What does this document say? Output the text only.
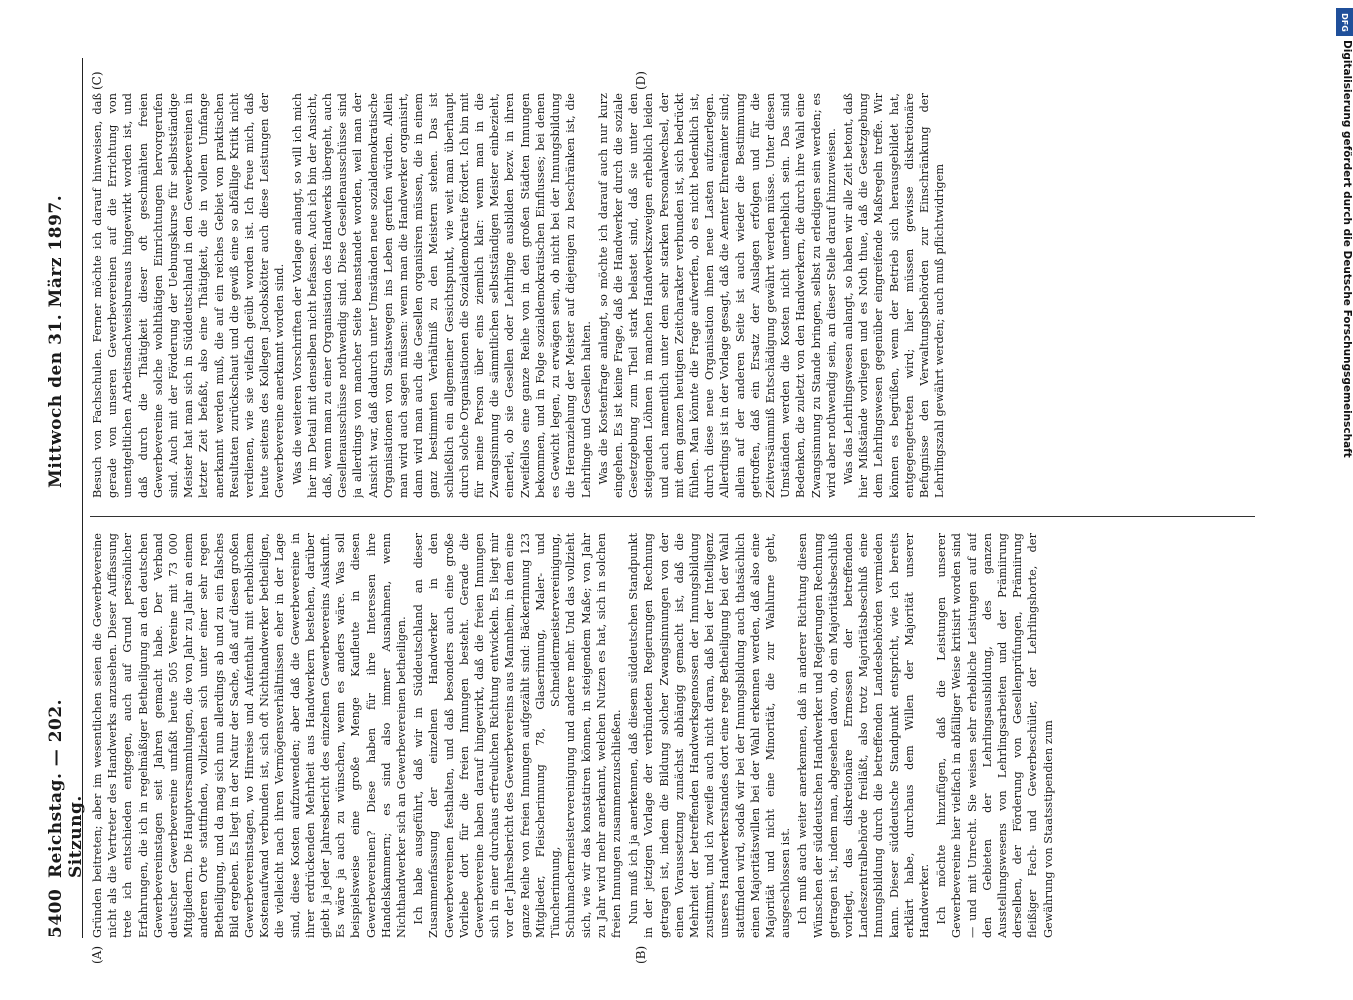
5400
Reichstag. — 202. Sitzung.
Mittwoch den 31. März 1897.
(A)	(B)
(C)	(D)

Gründen beitreten; aber im wesentlichen seien die Gewerbevereine nicht als die Vertreter des Handwerks anzusehen. Dieser Auffassung trete ich entschieden entgegen, auch auf Grund persönlicher Erfahrungen, die ich in regelmäßiger Betheiligung an den deutschen Gewerbevereinstagen seit Jahren gemacht habe. Der Verband deutscher Gewerbevereine umfaßt heute 505 Vereine mit 73 000 Mitgliedern. Die Hauptversammlungen, die von Jahr zu Jahr an einem anderen Orte stattfinden, vollziehen sich unter einer sehr regen Betheiligung, und da mag sich nun allerdings ab und zu ein falsches Bild ergeben. Es liegt in der Natur der Sache, daß auf diesen großen Gewerbevereinstagen, wo Hinreise und Aufenthalt mit erheblichem Kostenaufwand verbunden ist, sich oft Nichthandwerker betheiligen, die vielleicht nach ihren Vermögensverhältnissen eher in der Lage sind, diese Kosten aufzuwenden; aber daß die Gewerbevereine in ihrer erdrückenden Mehrheit aus Handwerkern bestehen, darüber giebt ja jeder Jahresbericht des einzelnen Gewerbevereins Auskunft. Es wäre ja auch zu wünschen, wenn es anders wäre. Was soll beispielsweise eine große Menge Kaufleute in diesen Gewerbevereinen? Diese haben für ihre Interessen ihre Handelskammern; es sind also immer Ausnahmen, wenn Nichthandwerker sich an Gewerbevereinen betheiligen. Ich habe ausgeführt, daß wir in Süddeutschland an dieser Zusammenfassung der einzelnen Handwerker in den Gewerbevereinen festhalten, und daß besonders auch eine große Vorliebe dort für die freien Innungen besteht. Gerade die Gewerbevereine haben darauf hingewirkt, daß die freien Innungen sich in einer durchaus erfreulichen Richtung entwickeln. Es liegt mir vor der Jahresbericht des Gewerbevereins aus Mannheim, in dem eine ganze Reihe von freien Innungen aufgezählt sind: Bäckerinnung 123 Mitglieder, Fleischerinnung 78, Glaserinnung, Maler- und Tüncherinnung, Schneidermeistervereinigung, Schuhmachermeistervereinigung und andere mehr. Und das vollzieht sich, wie wir das konstatiren können, in steigendem Maße; von Jahr zu Jahr wird mehr anerkannt, welchen Nutzen es hat, sich in solchen freien Innungen zusammenzuschließen. Nun muß ich ja anerkennen, daß diesem süddeutschen Standpunkt in der jetzigen Vorlage der verbündeten Regierungen Rechnung getragen ist, indem die Bildung solcher Zwangsinnungen von der einen Voraussetzung zunächst abhängig gemacht ist, daß die Mehrheit der betreffenden Handwerksgenossen der Innungsbildung zustimmt, und ich zweifle auch nicht daran, daß bei der Intelligenz unseres Handwerkerstandes dort eine rege Betheiligung bei der Wahl stattfinden wird, sodaß wir bei der Innungsbildung auch thatsächlich einen Majoritätswillen bei der Wahl erkennen werden, daß also eine Majorität und nicht eine Minorität, die zur Wahlurne geht, ausgeschlossen ist. Ich muß auch weiter anerkennen, daß in anderer Richtung diesen Wünschen der süddeutschen Handwerker und Regierungen Rechnung getragen ist, indem man, abgesehen davon, ob ein Majoritätsbeschluß vorliegt, das diskretionäre Ermessen der betreffenden Landeszentralbehörde freiläßt, also trotz Majoritätsbeschluß eine Innungsbildung durch die betreffenden Landesbehörden vermieden kann. Dieser süddeutsche Standpunkt entspricht, wie ich bereits erklärt habe, durchaus dem Willen der Majorität unserer Handwerker. Ich möchte hinzufügen, daß die Leistungen unserer Gewerbevereine hier vielfach in abfälliger Weise kritisirt worden sind — und mit Unrecht. Sie weisen sehr erhebliche Leistungen auf auf den Gebieten der Lehrlingsausbildung, des ganzen Ausstellungswesens von Lehrlingsarbeiten und der Prämiirung derselben, der Förderung von Gesellenprüfungen, Prämiirung fleißiger Fach- und Gewerbeschüler, der Lehrlingshorte, der Gewährung von Staatsstipendien zum

Besuch von Fachschulen. Ferner möchte ich darauf hinweisen, daß gerade von unseren Gewerbevereinen auf die Errichtung von unentgeltlichen Arbeitsnachweisbureaus hingewirkt worden ist, und daß durch die Thätigkeit dieser oft geschmähten freien Gewerbevereine solche wohlthätigen Einrichtungen hervorgerufen sind. Auch mit der Förderung der Uebungskurse für selbstständige Meister hat man sich in Süddeutschland in den Gewerbevereinen in letzter Zeit befaßt, also eine Thätigkeit, die in vollem Umfange anerkannt werden muß, die auf ein reiches Gebiet von praktischen Resultaten zurückschaut und die gewiß eine so abfällige Kritik nicht verdienen, wie sie vielfach geübt worden ist. Ich freue mich, daß heute seitens des Kollegen Jacobskötter auch diese Leistungen der Gewerbevereine anerkannt worden sind. Was die weiteren Vorschriften der Vorlage anlangt, so will ich mich hier im Detail mit denselben nicht befassen. Auch ich bin der Ansicht, daß, wenn man zu einer Organisation des Handwerks übergeht, auch Gesellenausschüsse nothwendig sind. Diese Gesellenausschüsse sind ja allerdings von mancher Seite beanstandet worden, weil man der Ansicht war, daß dadurch unter Umständen neue sozialdemokratische Organisationen von Staatswegen ins Leben gerufen würden. Allein man wird auch sagen müssen: wenn man die Handwerker organisirt, dann wird man auch die Gesellen organisiren müssen, die in einem ganz bestimmten Verhältniß zu den Meistern stehen. Das ist schließlich ein allgemeiner Gesichtspunkt, wie weit man überhaupt durch solche Organisationen die Sozialdemokratie fördert. Ich bin mit für meine Person über eins ziemlich klar: wenn man in die Zwangsinnung die sämmtlichen selbstständigen Meister einbezieht, einerlei, ob sie Gesellen oder Lehrlinge ausbilden bezw. in ihren Zweifellos eine ganze Reihe von in den großen Städten Innungen bekommen, und in Folge sozialdemokratischen Einflusses; bei denen es Gewicht legen, zu erwägen sein, ob nicht bei der Innungsbildung die Heranziehung der Meister auf diejenigen zu beschränken ist, die Lehrlinge und Gesellen halten. Was die Kostenfrage anlangt, so möchte ich darauf auch nur kurz eingehen. Es ist keine Frage, daß die Handwerker durch die soziale Gesetzgebung zum Theil stark belastet sind, daß sie unter den steigenden Löhnen in manchen Handwerkszweigen erheblich leiden und auch namentlich unter dem sehr starken Personalwechsel, der mit dem ganzen heutigen Zeitcharakter verbunden ist, sich bedrückt fühlen. Man könnte die Frage aufwerfen, ob es nicht bedenklich ist, durch diese neue Organisation ihnen neue Lasten aufzuerlegen. Allerdings ist in der Vorlage gesagt, daß die Aemter Ehrenämter sind; allein auf der anderen Seite ist auch wieder die Bestimmung getroffen, daß ein Ersatz der Auslagen erfolgen und für die Zeitversäumniß Entschädigung gewährt werden müsse. Unter diesen Umständen werden die Kosten nicht unerheblich sein. Das sind Bedenken, die zuletzt von den Handwerkern, die durch ihre Wahl eine Zwangsinnung zu Stande bringen, selbst zu erledigen sein werden; es wird aber nothwendig sein, an dieser Stelle darauf hinzuweisen. Was das Lehrlingswesen anlangt, so haben wir alle Zeit betont, daß hier Mißstände vorliegen und es Noth thue, daß die Gesetzgebung dem Lehrlingswesen gegenüber eingreifende Maßregeln treffe. Wir können es begrüßen, wenn der Betrieb sich herausgebildet hat, entgegengetreten wird; hier müssen gewisse diskretionäre Befugnisse den Verwaltungsbehörden zur Einschränkung der Lehrlingszahl gewährt werden; auch muß pflichtwidrigem

DFG
Digitalisierung gefördert durch die Deutsche Forschungsgemeinschaft
